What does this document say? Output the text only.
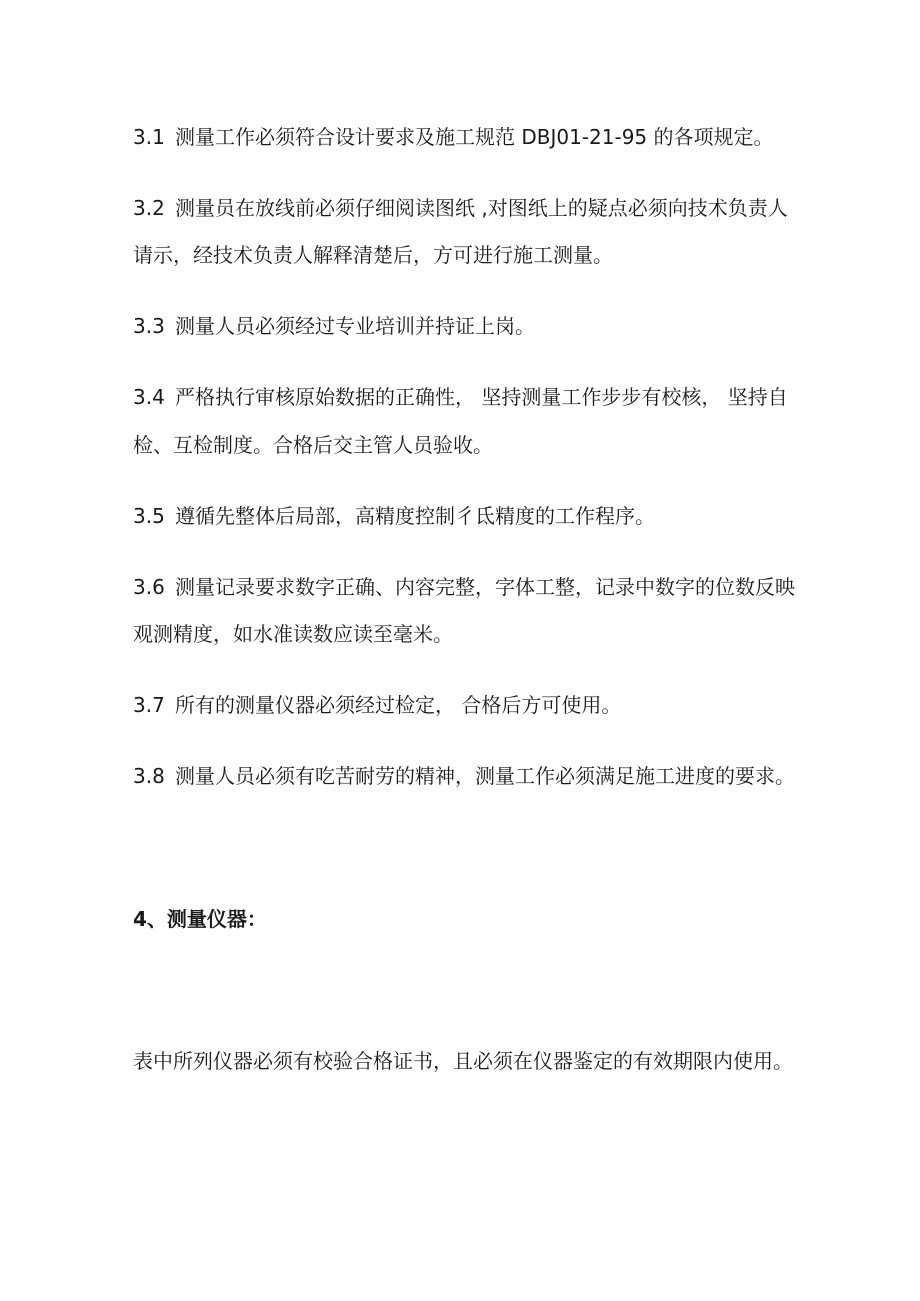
3.1 测量工作必须符合设计要求及施工规范 DBJ01-21-95 的各项规定。
3.2 测量员在放线前必须仔细阅读图纸 ,对图纸上的疑点必须向技术负责人
请示，经技术负责人解释清楚后，方可进行施工测量。
3.3 测量人员必须经过专业培训并持证上岗。
3.4 严格执行审核原始数据的正确性， 坚持测量工作步步有校核， 坚持自
检、互检制度。合格后交主管人员验收。
3.5 遵循先整体后局部，高精度控制彳氐精度的工作程序。
3.6 测量记录要求数字正确、内容完整，字体工整，记录中数字的位数反映
观测精度，如水准读数应读至毫米。
3.7 所有的测量仪器必须经过检定， 合格后方可使用。
3.8 测量人员必须有吃苦耐劳的精神，测量工作必须满足施工进度的要求。
4、测量仪器：
表中所列仪器必须有校验合格证书，且必须在仪器鉴定的有效期限内使用。
